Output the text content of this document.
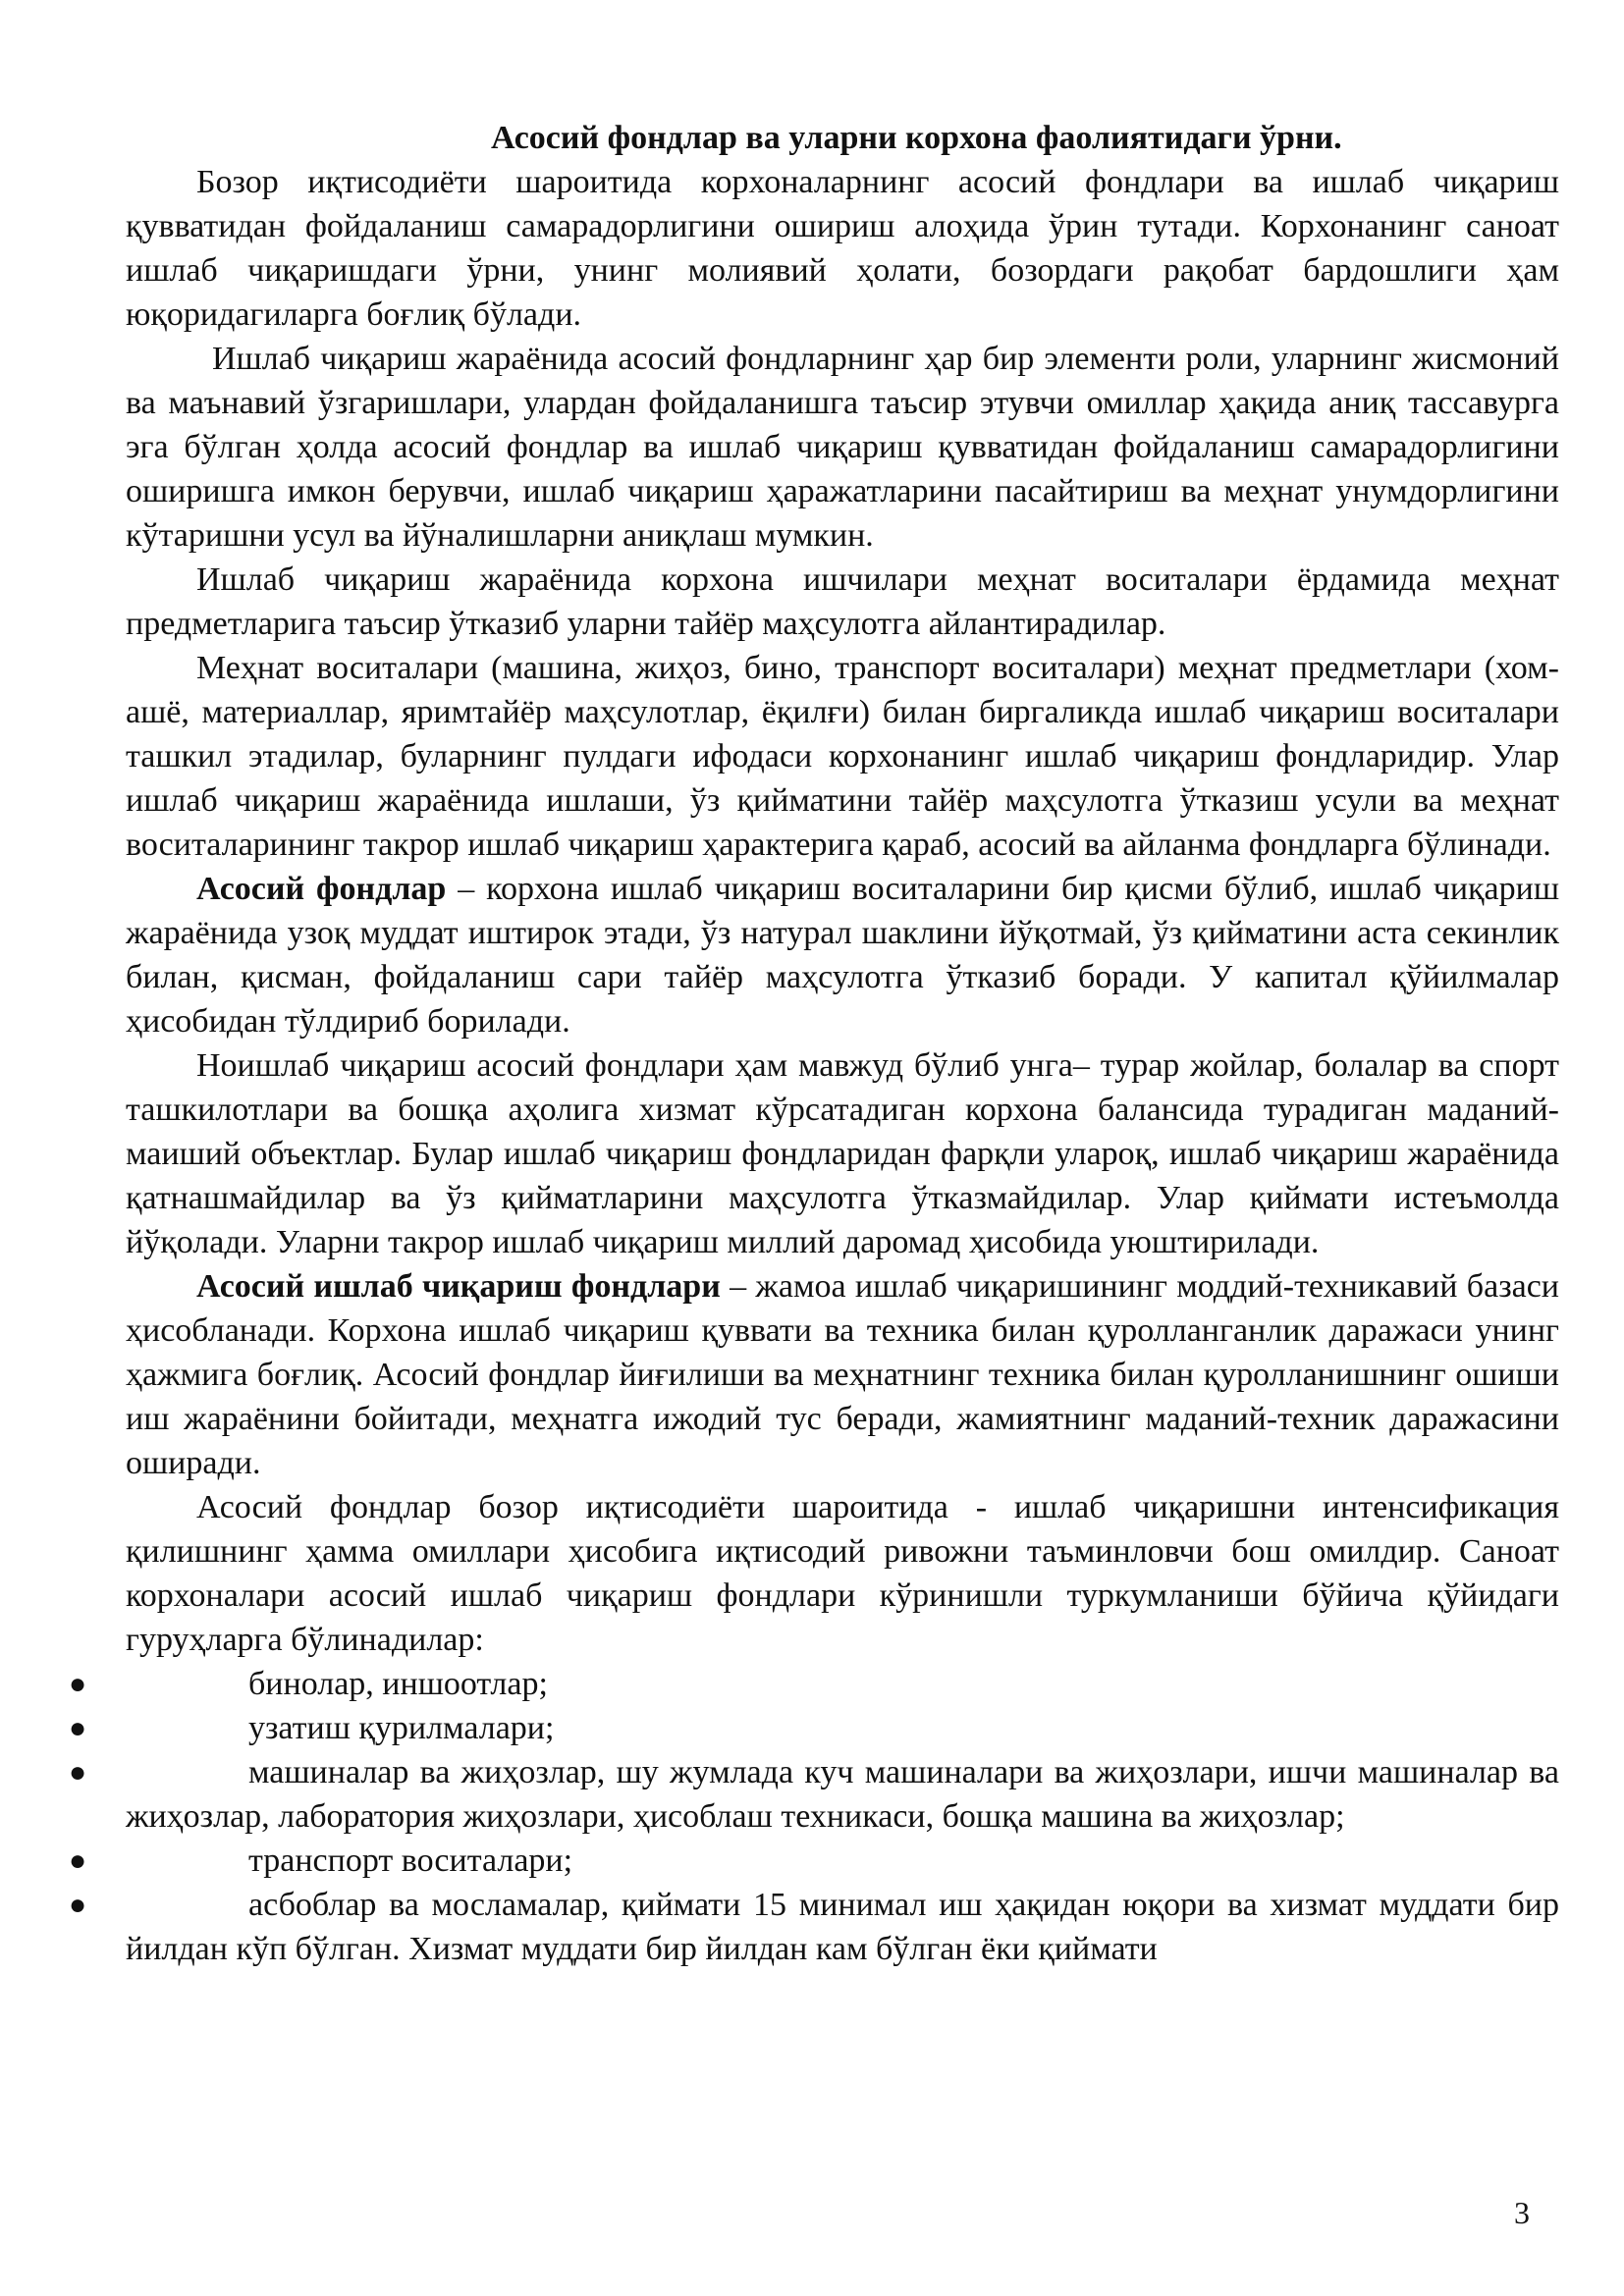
Асосий фондлар ва уларни корхона фаолиятидаги ўрни.

Бозор иқтисодиёти шароитида корхоналарнинг асосий фондлари ва ишлаб чиқариш қувватидан фойдаланиш самарадорлигини ошириш алоҳида ўрин тутади. Корхонанинг саноат ишлаб чиқаришдаги ўрни, унинг молиявий ҳолати, бозордаги рақобат бардошлиги ҳам юқоридагиларга боғлиқ бўлади.

Ишлаб чиқариш жараёнида асосий фондларнинг ҳар бир элементи роли, уларнинг жисмоний ва маънавий ўзгаришлари, улардан фойдаланишга таъсир этувчи омиллар ҳақида аниқ тассавурга эга бўлган ҳолда асосий фондлар ва ишлаб чиқариш қувватидан фойдаланиш самарадорлигини оширишга имкон берувчи, ишлаб чиқариш ҳаражатларини пасайтириш ва меҳнат унумдорлигини кўтаришни усул ва йўналишларни аниқлаш мумкин.

Ишлаб чиқариш жараёнида корхона ишчилари меҳнат воситалари ёрдамида меҳнат предметларига таъсир ўтказиб уларни тайёр маҳсулотга айлантирадилар.

Меҳнат воситалари (машина, жиҳоз, бино, транспорт воситалари) меҳнат предметлари (хом-ашё, материаллар, яримтайёр маҳсулотлар, ёқилғи) билан биргаликда ишлаб чиқариш воситалари ташкил этадилар, буларнинг пулдаги ифодаси корхонанинг ишлаб чиқариш фондларидир. Улар ишлаб чиқариш жараёнида ишлаши, ўз қийматини тайёр маҳсулотга ўтказиш усули ва меҳнат воситаларининг такрор ишлаб чиқариш ҳарактерига қараб, асосий ва айланма фондларга бўлинади.

Асосий фондлар – корхона ишлаб чиқариш воситаларини бир қисми бўлиб, ишлаб чиқариш жараёнида узоқ муддат иштирок этади, ўз натурал шаклини йўқотмай, ўз қийматини аста секинлик билан, қисман, фойдаланиш сари тайёр маҳсулотга ўтказиб боради. У капитал қўйилмалар ҳисобидан тўлдириб борилади.

Ноишлаб чиқариш асосий фондлари ҳам мавжуд бўлиб унга– турар жойлар, болалар ва спорт ташкилотлари ва бошқа аҳолига хизмат кўрсатадиган корхона балансида турадиган маданий-маиший объектлар. Булар ишлаб чиқариш фондларидан фарқли улароқ, ишлаб чиқариш жараёнида қатнашмайдилар ва ўз қийматларини маҳсулотга ўтказмайдилар. Улар қиймати истеъмолда йўқолади. Уларни такрор ишлаб чиқариш миллий даромад ҳисобида уюштирилади.

Асосий ишлаб чиқариш фондлари – жамоа ишлаб чиқаришининг моддий-техникавий базаси ҳисобланади. Корхона ишлаб чиқариш қуввати ва техника билан қуролланганлик даражаси унинг ҳажмига боғлиқ. Асосий фондлар йиғилиши ва меҳнатнинг техника билан қуролланишнинг ошиши иш жараёнини бойитади, меҳнатга ижодий тус беради, жамиятнинг маданий-техник даражасини оширади.

Асосий фондлар бозор иқтисодиёти шароитида - ишлаб чиқаришни интенсификация қилишнинг ҳамма омиллари ҳисобига иқтисодий ривожни таъминловчи бош омилдир. Саноат корхоналари асосий ишлаб чиқариш фондлари кўринишли туркумланиши бўйича қўйидаги гуруҳларга бўлинадилар:

●	бинолар, иншоотлар;
●	узатиш қурилмалари;
●	машиналар ва жиҳозлар, шу жумлада куч машиналари ва жиҳозлари, ишчи машиналар ва жиҳозлар, лаборатория жиҳозлари, ҳисоблаш техникаси, бошқа машина ва жиҳозлар;
●	транспорт воситалари;
●	асбоблар ва мосламалар, қиймати 15 минимал иш ҳақидан юқори ва хизмат муддати бир йилдан кўп бўлган. Хизмат муддати бир йилдан кам бўлган ёки қиймати
3
